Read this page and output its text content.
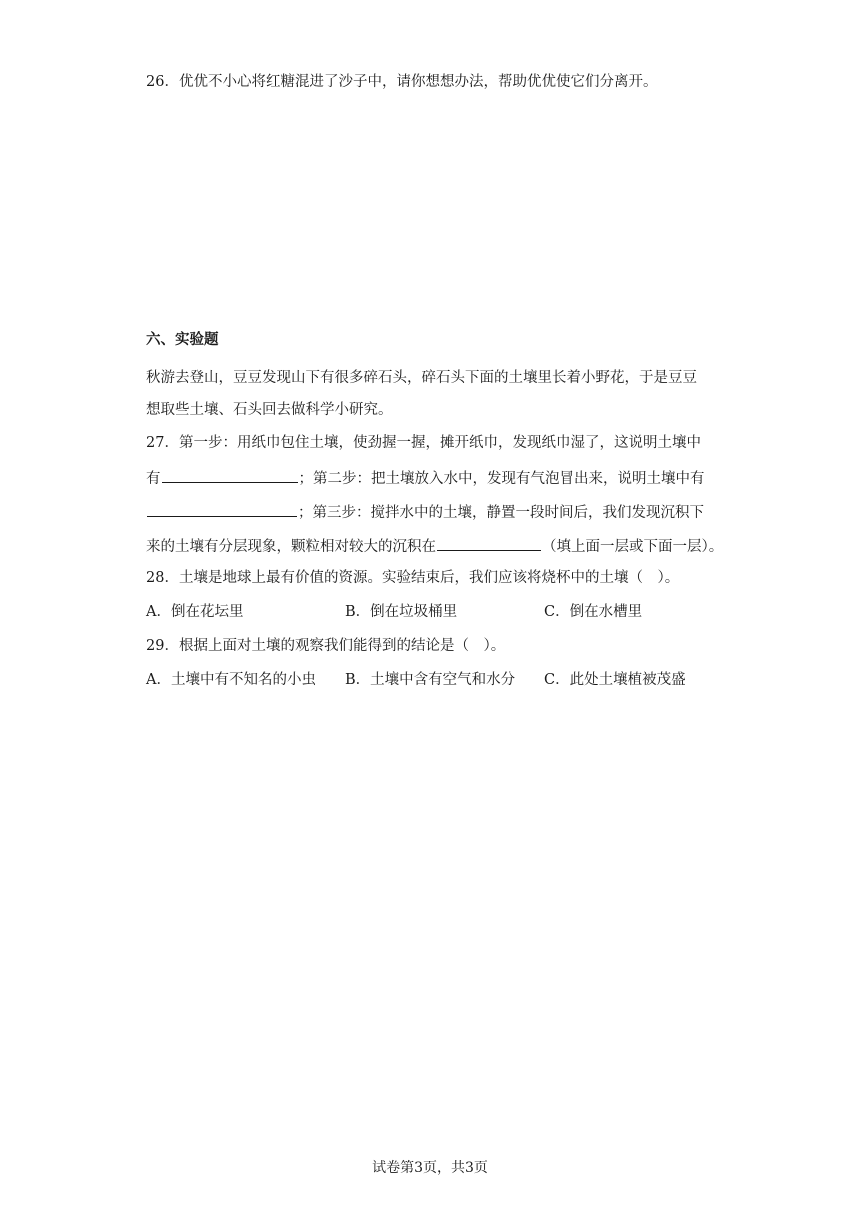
26．优优不小心将红糖混进了沙子中，请你想想办法，帮助优优使它们分离开。
六、实验题
秋游去登山，豆豆发现山下有很多碎石头，碎石头下面的土壤里长着小野花，于是豆豆
想取些土壤、石头回去做科学小研究。
27．第一步：用纸巾包住土壤，使劲握一握，摊开纸巾，发现纸巾湿了，这说明土壤中
有	；第二步：把土壤放入水中，发现有气泡冒出来，说明土壤中有
；第三步：搅拌水中的土壤，静置一段时间后，我们发现沉积下
来的土壤有分层现象，颗粒相对较大的沉积在	（填上面一层或下面一层）。
28．土壤是地球上最有价值的资源。实验结束后，我们应该将烧杯中的土壤（　）。
A．倒在花坛里	B．倒在垃圾桶里	C．倒在水槽里
29．根据上面对土壤的观察我们能得到的结论是（　）。
A．土壤中有不知名的小虫 B．土壤中含有空气和水分 C．此处土壤植被茂盛
试卷第3页，共3页
